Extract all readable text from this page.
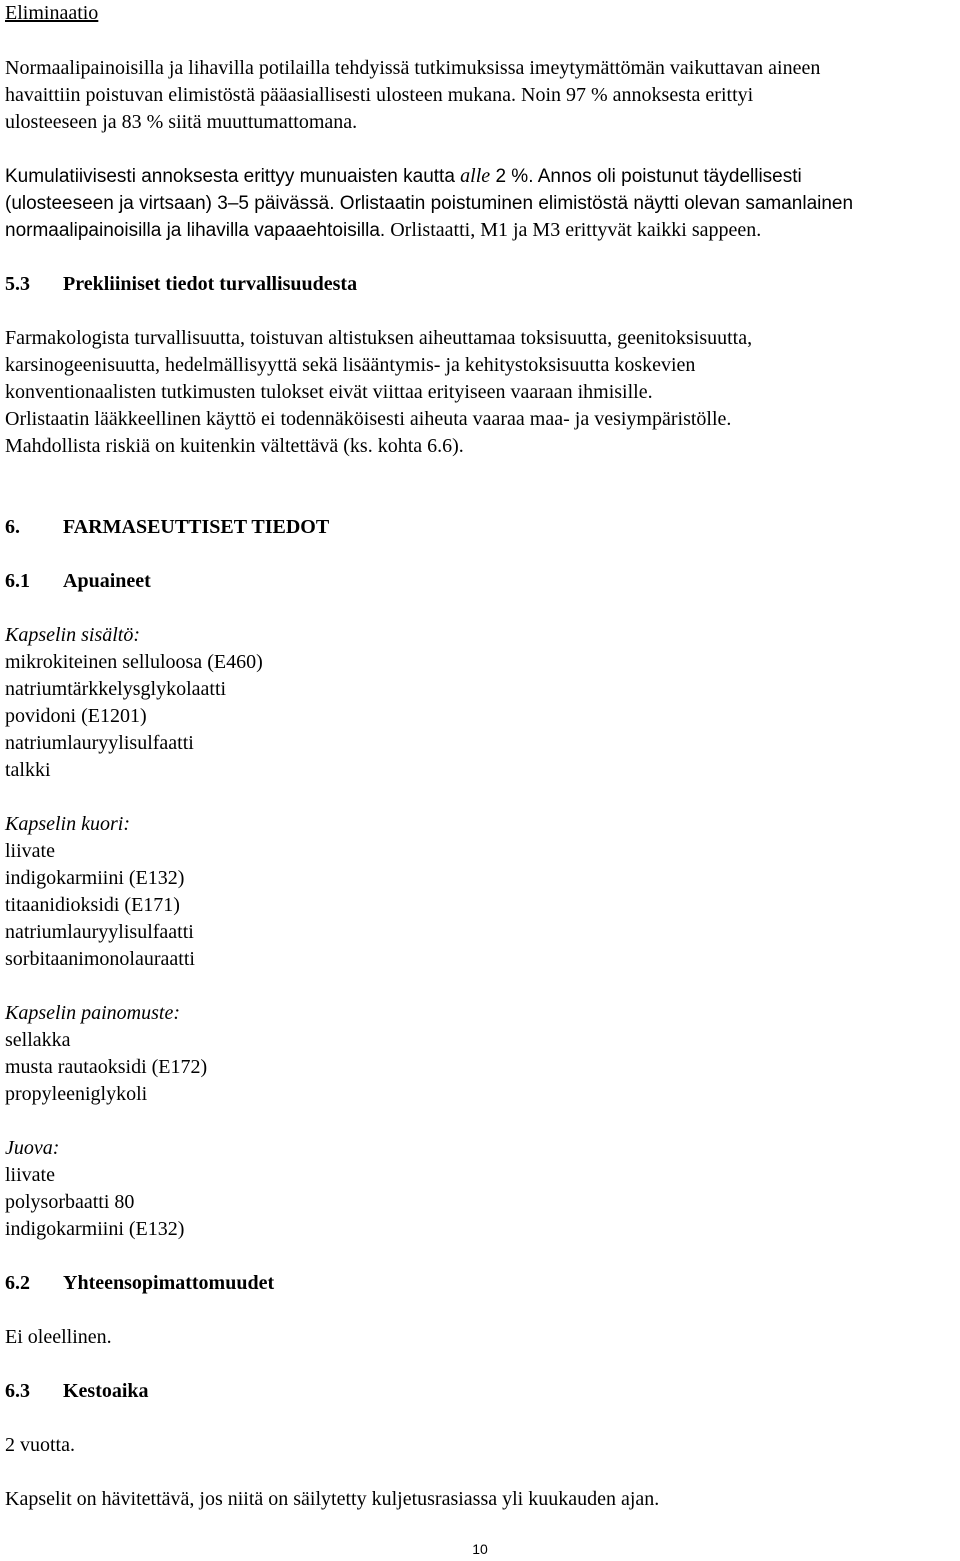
Eliminaatio
Normaalipainoisilla ja lihavilla potilailla tehdyissä tutkimuksissa imeytymättömän vaikuttavan aineen
havaittiin poistuvan elimistöstä pääasiallisesti ulosteen mukana. Noin 97 % annoksesta erittyi
ulosteeseen ja 83 % siitä muuttumattomana.
Kumulatiivisesti annoksesta erittyy munuaisten kautta alle 2 %. Annos oli poistunut täydellisesti
(ulosteeseen ja virtsaan) 3–5 päivässä. Orlistaatin poistuminen elimistöstä näytti olevan samanlainen
normaalipainoisilla ja lihavilla vapaaehtoisilla. Orlistaatti, M1 ja M3 erittyvät kaikki sappeen.
5.3 Prekliiniset tiedot turvallisuudesta
Farmakologista turvallisuutta, toistuvan altistuksen aiheuttamaa toksisuutta, geenitoksisuutta,
karsinogeenisuutta, hedelmällisyyttä sekä lisääntymis- ja kehitystoksisuutta koskevien
konventionaalisten tutkimusten tulokset eivät viittaa erityiseen vaaraan ihmisille.
Orlistaatin lääkkeellinen käyttö ei todennäköisesti aiheuta vaaraa maa- ja vesiympäristölle.
Mahdollista riskiä on kuitenkin vältettävä (ks. kohta 6.6).
6. FARMASEUTTISET TIEDOT
6.1 Apuaineet
Kapselin sisältö:
mikrokiteinen selluloosa (E460)
natriumtärkkelysglykolaatti
povidoni (E1201)
natriumlauryylisulfaatti
talkki
Kapselin kuori:
liivate
indigokarmiini (E132)
titaanidioksidi (E171)
natriumlauryylisulfaatti
sorbitaanimonolauraatti
Kapselin painomuste:
sellakka
musta rautaoksidi (E172)
propyleeniglykoli
Juova:
liivate
polysorbaatti 80
indigokarmiini (E132)
6.2 Yhteensopimattomuudet
Ei oleellinen.
6.3 Kestoaika
2 vuotta.
Kapselit on hävitettävä, jos niitä on säilytetty kuljetusrasiassa yli kuukauden ajan.
10
